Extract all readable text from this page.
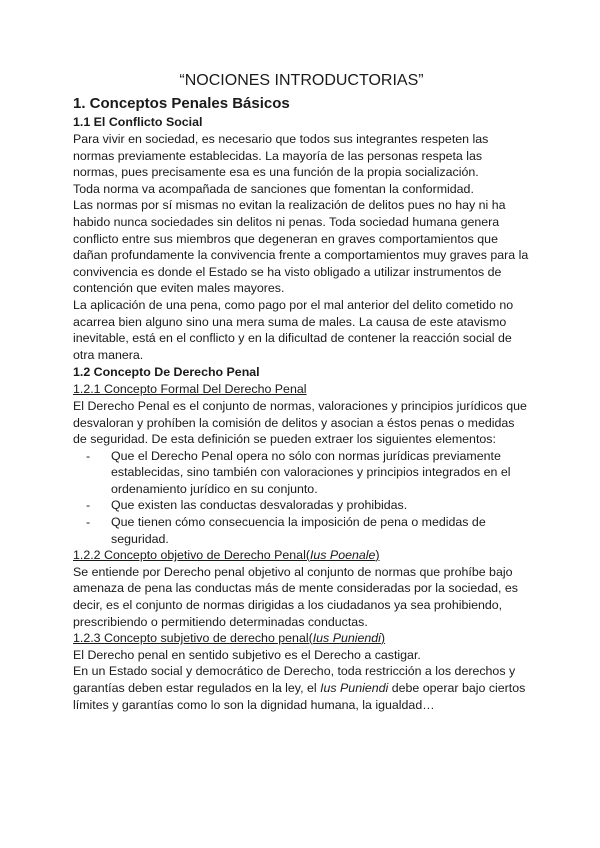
“NOCIONES INTRODUCTORIAS”
1. Conceptos Penales Básicos
1.1 El Conflicto Social

Para vivir en sociedad, es necesario que todos sus integrantes respeten las normas previamente establecidas. La mayoría de las personas respeta las normas, pues precisamente esa es una función de la propia socialización.

Toda norma va acompañada de sanciones que fomentan la conformidad.

Las normas por sí mismas no evitan la realización de delitos pues no hay ni ha habido nunca sociedades sin delitos ni penas. Toda sociedad humana genera conflicto entre sus miembros que degeneran en graves comportamientos que dañan profundamente la convivencia frente a comportamientos muy graves para la convivencia es donde el Estado se ha visto obligado a utilizar instrumentos de contención que eviten males mayores.

La aplicación de una pena, como pago por el mal anterior del delito cometido no acarrea bien alguno sino una mera suma de males. La causa de este atavismo inevitable, está en el conflicto y en la dificultad de contener la reacción social de otra manera.

1.2 Concepto De Derecho Penal
1.2.1 Concepto Formal Del Derecho Penal

El Derecho Penal es el conjunto de normas, valoraciones y principios jurídicos que desvaloran y prohíben la comisión de delitos y asocian a éstos penas o medidas de seguridad. De esta definición se pueden extraer los siguientes elementos:

- Que el Derecho Penal opera no sólo con normas jurídicas previamente establecidas, sino también con valoraciones y principios integrados en el ordenamiento jurídico en su conjunto.
- Que existen las conductas desvaloradas y prohibidas.
- Que tienen cómo consecuencia la imposición de pena o medidas de seguridad.
1.2.2 Concepto objetivo de Derecho Penal(Ius Poenale)

Se entiende por Derecho penal objetivo al conjunto de normas que prohíbe bajo amenaza de pena las conductas más de mente consideradas por la sociedad, es decir, es el conjunto de normas dirigidas a los ciudadanos ya sea prohibiendo, prescribiendo o permitiendo determinadas conductas.

1.2.3 Concepto subjetivo de derecho penal(Ius Puniendi)

El Derecho penal en sentido subjetivo es el Derecho a castigar.

En un Estado social y democrático de Derecho, toda restricción a los derechos y garantías deben estar regulados en la ley, el Ius Puniendi debe operar bajo ciertos límites y garantías como lo son la dignidad humana, la igualdad…
